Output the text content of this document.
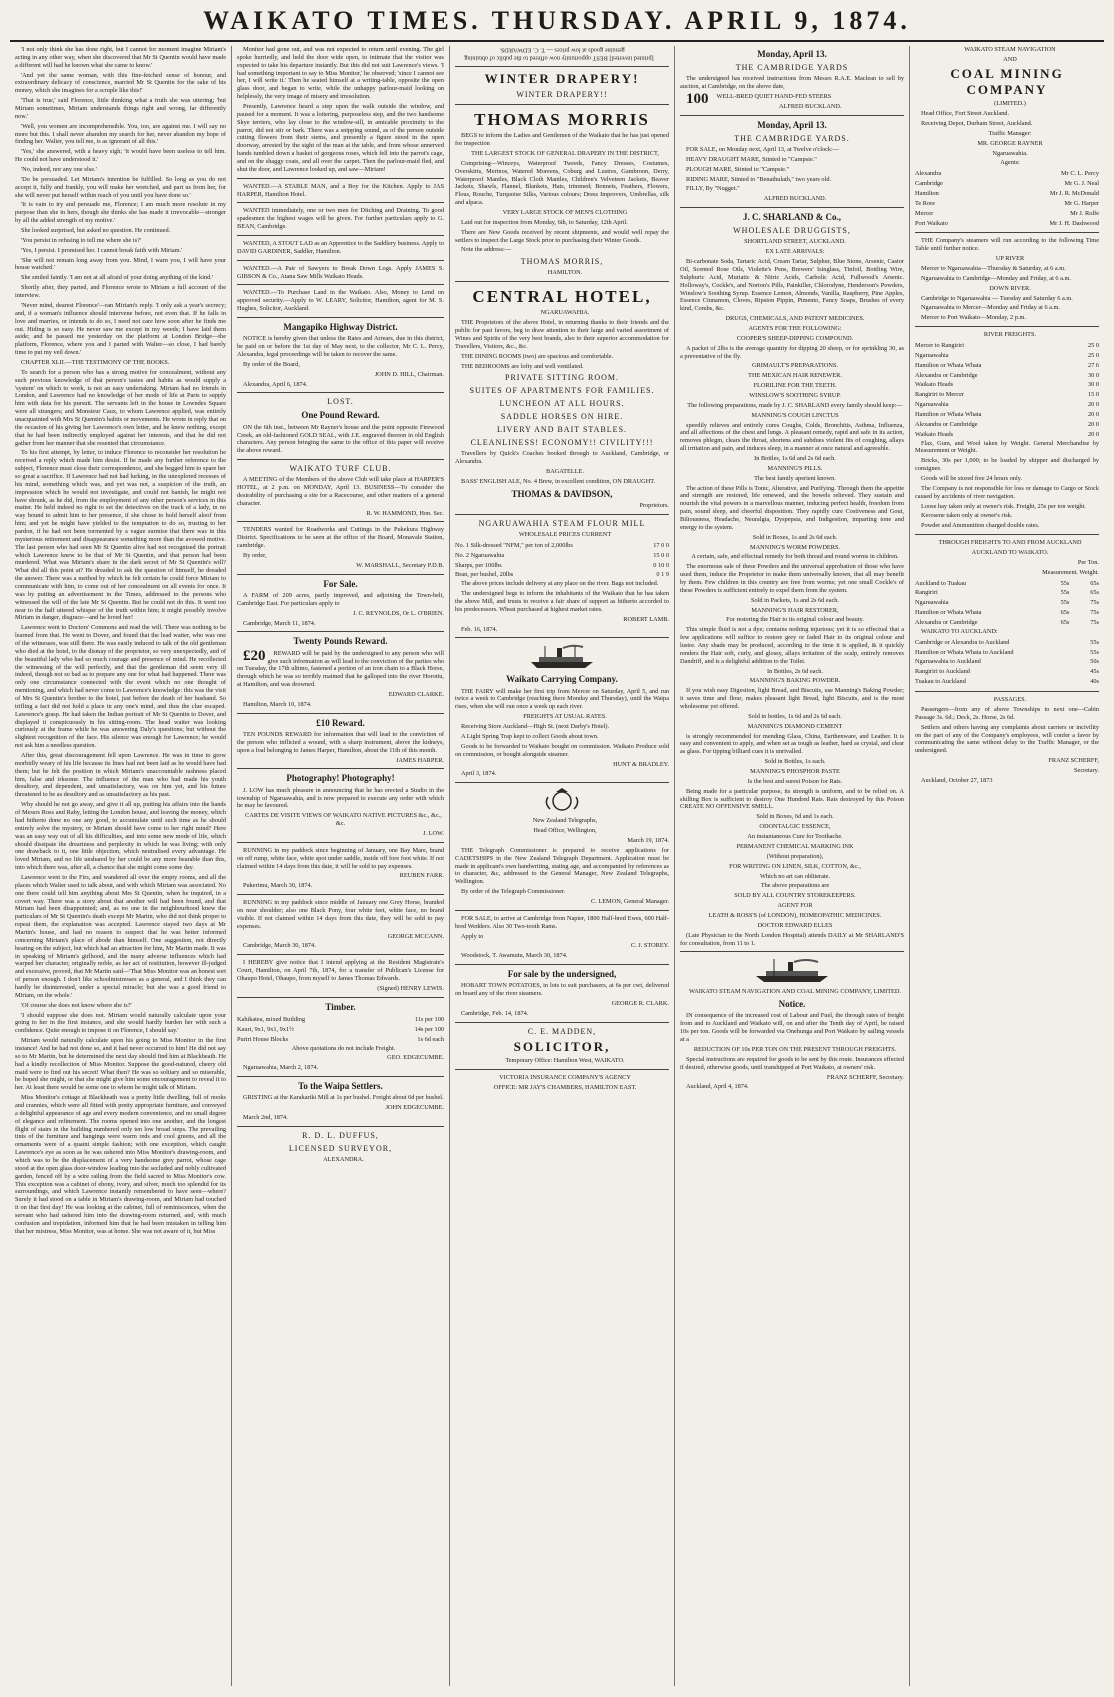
WAIKATO TIMES. THURSDAY. APRIL 9, 1874.

'I not only think she has done right, but I cannot for moment imagine Miriam's acting in any other way, when she discovered that Mr St Quentin would have made a different will had he known what she came to know.'

'And yet the same woman, with this fine-fetched sense of honour, and extraordinary delicacy of conscience, married Mr St Quentin for the sake of his money, which she imagines for a scruple like this!'

'That is true,' said Florence, little thinking what a truth she was uttering; 'but Miriam sometimes, Miriam understands things right and wrong, far differently now.'

'Well, you women are incomprehensible. You, too, are against me. I will say no more but this. I shall never abandon my search for her, never abandon my hope of finding her. Walter, you tell me, is as ignorant of all this.'

'Yes,' she answered, with a heavy sigh; 'it would have been useless to tell him. He could not have understood it.'

'No, indeed, nor any one else.'

'Do be persuaded. Let Miriam's intention be fulfilled. So long as you do not accept it, fully and frankly, you will make her wretched, and part us from her, for she will never put herself within reach of you until you have done so.'

'It is vain to try and persuade me, Florence; I am much more resolute in my purpose than she in hers, though she thinks she has made it irrevocable—stronger by all the added strength of my motive.'

She looked surprised, but asked no question. He continued.

'You persist in refusing to tell me where she is?'

'Yes, I persist. I promised her. I cannot break faith with Miriam.'

'She will not remain long away from you. Mind, I warn you, I will have your house watched.'

She smiled faintly. 'I am not at all afraid of your doing anything of the kind.'

Shortly after, they parted, and Florence wrote to Miriam a full account of the interview.

'Never mind, dearest Florence'—ran Miriam's reply. 'I only ask a year's secrecy; and, if a woman's influence should intervene before, not even that. If he falls in love and marries, or intends to do so, I need not care how soon after he finds me out. Hiding is so easy. He never saw me except in my weeds; I have laid them aside; and he passed me yesterday on the platform at London Bridge—the platform, Florence, where you and I parted with Walter—so close, I had barely time to put my veil down.'

CHAPTER XLII.—THE TESTIMONY OF THE BOOKS.

To search for a person who has a strong motive for concealment, without any such previous knowledge of that person's tastes and habits as would supply a 'system' on which to work, is not an easy undertaking. Miriam had no friends in London, and Lawrence had no knowledge of her mode of life at Paris to supply him with data for his pursuit. The servants left in the house in Lowndes Square were all strangers; and Monsieur Caux, to whom Lawrence applied, was entirely unacquainted with Mrs St Quentin's habits or movements. He wrote in reply that on the occasion of his giving her Lawrence's own letter, and he knew nothing, except that he had been indirectly employed against her interests, and that he did not gather from her manner that she resented that circumstance.

To his first attempt, by letter, to induce Florence to reconsider her resolution he received a reply which made him desist. If he made any further reference to the subject, Florence must close their correspondence, and she begged him to spare her so great a sacrifice. If Lawrence had not had lurking, in the unexplored recesses of his mind, something which was, and yet was not, a suspicion of the truth, an impression which he would not investigate, and could not banish, he might not have shrunk, as he did, from the employment of any other person's services in this matter. He held indeed no right to set the detectives on the track of a lady, in no way bound to admit him to her presence, if she chose to hold herself aloof from him; and yet he might have yielded to the temptation to do so, trusting to her pardon, if he had not been tormented by a vague surmise that there was in this mysterious retirement and disappearance something more than the avowed motive. The last person who had seen Mr St Quentin alive had not recognised the portrait which Lawrence knew to be that of Mr St Quentin, and that person had been murdered. What was Miriam's share in the dark secret of Mr St Quentin's will? What did all this point at? He dreaded to ask the question of himself, he dreaded the answer. There was a method by which he felt certain he could force Miriam to communicate with him, to come out of her concealment on all events for once. It was by putting an advertisement in the Times, addressed to the persons who witnessed the will of the late Mr St Quentin. But he could not do this. It went too near to the half uttered whisper of the truth within him; it might possibly involve Miriam in danger, disgrace—and he loved her!

Lawrence went to Doctors' Commons and read the will. There was nothing to be learned from that. He went to Dover, and found that the lead waiter, who was one of the witnesses, was still there. He was easily induced to talk of the old gentleman who died at the hotel, to the dismay of the proprietor, so very unexpectedly, and of the beautiful lady who had so much courage and presence of mind. He recollected the witnessing of the will perfectly, and that the gentleman did seem very ill indeed, though not so bad as to prepare any one for what had happened. There was only one circumstance connected with the event which no one thought of mentioning, and which had never come to Lawrence's knowledge: this was the visit of Mrs St Quentin's brother to the hotel, just before the death of her husband. So trifling a fact did not hold a place in any one's mind, and thus the clue escaped. Lawrence's grasp. He had taken the Indian portrait of Mr St Quentin to Dover, and displayed it conspicuously in his sitting-room. The head waiter was looking curiously at the frame while he was answering Daly's questions; but without the slightest recognition of the face. His silence was enough for Lawrence; he would not ask him a needless question.

After this, great discouragement fell upon Lawrence. He was in time to grow morbidly weary of his life because its lines had not been laid as he would have had them; but he felt the position in which Miriam's unaccountable rashness placed him, false and irksome. The influence of the man who had made his youth desultory, and dependent, and unsatisfactory, was on him yet, and his future threatened to be as desultory and as unsatisfactory as his past.

Why should he not go away, and give it all up, putting his affairs into the hands of Messrs Ross and Raby, letting the London house, and leaving the money, which had hitherto done no one any good, to accumulate until such time as he should entirely solve the mystery, or Miriam should have come to her right mind? Here was an easy way out of all his difficulties, and into some new mode of life, which should dissipate the dreariness and perplexity in which he was living; with only one drawback to it, one little objection, which neutralised every advantage. He loved Miriam, and no life unshared by her could be any more bearable than this, into which there was, after all, a chance that she might come some day.

Lawrence went to the Firs, and wandered all over the empty rooms, and all the places which Walter used to talk about, and with which Miriam was associated. No one there could tell him anything about Mrs St Quentin, when he inquired, in a covert way. There was a story about that another will had been found, and that Miriam had been disappointed; and, as no one in the neighbourhood knew the particulars of Mr St Quentin's death except Mr Martin, who did not think proper to repeat them, the explanation was accepted. Lawrence stayed two days at Mr Martin's house, and had no reason to suspect that he was better informed concerning Miriam's place of abode than himself. One suggestion, not directly bearing on the subject, but which had an attraction for him, Mr Martin made. It was in speaking of Miriam's girlhood, and the many adverse influences which had warped her character, originally noble, as her act of restitution, however ill-judged and excessive, proved, that Mr Martin said—'That Miss Monitor was an honest sort of person enough. I don't like schoolmistresses as a general, and I think they can hardly be disinterested, under a special miracle; but she was a good friend to Miriam, on the whole.'

'Of course she does not know where she is?'

'I should suppose she does not. Miriam would naturally calculate upon your going to her in the first instance, and she would hardly burden her with such a confidence. Quite enough to impose it on Florence, I should say.'

Miriam would naturally calculate upon his going to Miss Monitor in the first instance! And he had not done so, and it had never occurred to him! He did not say so to Mr Martin, but he determined the next day should find him at Blackheath. He had a kindly recollection of Miss Monitor. Suppose the good-natured, cheery old maid were to find out his secret! What then? He was so solitary and so miserable, he hoped she might, or that she might give him some encouragement to reveal it to her. At least there would be some one to whom he might talk of Miriam.

Miss Monitor's cottage at Blackheath was a pretty little dwelling, full of nooks and crannies, which were all fitted with pretty appropriate furniture, and conveyed a delightful appearance of age and every modern convenience, and no small degree of elegance and refinement. The rooms opened into one another, and the longest flight of stairs in the building numbered only ten low broad steps. The prevailing tints of the furniture and hangings were warm reds and cool greens, and all the ornaments were of a quaint simple fashion; with one exception, which caught Lawrence's eye as soon as he was ushered into Miss Monitor's drawing-room, and which was to be the displacement of a very handsome grey parrot, whose cage stood at the open glass door-window leading into the secluded and nobly cultivated garden, fenced off by a wire railing from the field sacred to Miss Monitor's cow. This exception was a cabinet of ebony, ivory, and silver, much too splendid for its surroundings, and which Lawrence instantly remembered to have seen—where? Surely it had stood on a table in Miriam's drawing-room, and Miriam had touched it on that first day! He was looking at the cabinet, full of reminiscences, when the servant who had ushered him into the drawing-room returned, and, with much confusion and trepidation, informed him that he had been mistaken in telling him that her mistress, Miss Monitor, was at home. She was not aware of it, but Miss

Monitor had gone out, and was not expected to return until evening. The girl spoke hurriedly, and held the door wide open, to intimate that the visitor was expected to take his departure instantly. But this did not suit Lawrence's views. 'I had something important to say to Miss Monitor,' he observed; 'since I cannot see her, I will write it.' Then he seated himself at a writing-table, opposite the open glass door, and began to write, while the unhappy parlour-maid looking on helplessly, the very image of misery and irresolution.

Presently, Lawrence heard a step upon the walk outside the window, and paused for a moment. It was a loitering, purposeless step, and the two handsome Skye terriers, who lay close to the window-sill, in amicable proximity to the parrot, did not stir or bark. There was a snipping sound, as of the person outside cutting flowers from their stems, and presently a figure stood in the open doorway, arrested by the sight of the man at the table, and from whose unnerved hands tumbled down a basket of gorgeous roses, which fell into the parrot's cage, and on the shaggy coats, and all over the carpet. Then the parlour-maid fled, and shut the door, and Lawrence looked up, and saw—Miriam!

WANTED.—A STABLE MAN, and a Boy for the Kitchen. Apply to JAS HARPER, Hamilton Hotel.

WANTED immediately, one or two men for Ditching and Draining. To good spadesmen the highest wages will be given. For further particulars apply to G. BEAN, Cambridge.

WANTED, A STOUT LAD as an Apprentice to the Saddlery business. Apply to DAVID GARDINER, Saddler, Hamilton.

WANTED.—A Pair of Sawyers to Break Down Logs. Apply JAMES S. GIBSON & Co., Atana Saw Mills Waikato Heads.

WANTED.—To Purchase Land in the Waikato. Also, Money to Lend on approved security.—Apply to W. LEARY, Solicitor, Hamilton, agent for M. S. Hughes, Solicitor, Auckland.

Mangapiko Highway District.

NOTICE is hereby given that unless the Rates and Arrears, due in this district, be paid on or before the 1st day of May next, to the collector, Mr C. L. Percy, Alexandra, legal proceedings will be taken to recover the same.

By order of the Board,

JOHN D. HILL, Chairman.

Alexandra, April 6, 1874.

LOST.
One Pound Reward.

ON the 6th inst., between Mr Rayner's house and the point opposite Firewood Creek, an old-fashioned GOLD SEAL, with J.E. engraved thereon in old English characters. Any person bringing the same to the office of this paper will receive the above reward.

WAIKATO TURF CLUB.

A MEETING of the Members of the above Club will take place at HARPER'S HOTEL, at 2 p.m. on MONDAY, April 13. BUSINESS—To consider the desirability of purchasing a site for a Racecourse, and other matters of a general character.

R. W. HAMMOND, Hon. Sec.

TENDERS wanted for Roadworks and Cuttings in the Pukekura Highway District. Specifications to be seen at the office of the Board, Monavale Station, cambridge.

By order,

W. MARSHALL, Secretary P.D.B.

For Sale.

A FARM of 209 acres, partly improved, and adjoining the Town-belt, Cambridge East. For particulars apply to

J. C. REYNOLDS, Or L. O'BRIEN.

Cambridge, March 11, 1874.

Twenty Pounds Reward.

£20 REWARD will be paid by the undersigned to any person who will give such information as will lead to the conviction of the parties who on Tuesday, the 17th ultimo, fastened a portion of an iron chain to a Black Horse, through which he was so terribly maimed that he galloped into the river Horotiu, at Hamilton, and was drowned.

EDWARD CLARKE.

Hamilton, March 10, 1874.

£10 Reward.

TEN POUNDS REWARD for information that will lead to the conviction of the person who inflicted a wound, with a sharp instrument, above the kidneys, upon a foal belonging to James Harper, Hamilton, about the 11th of this month.

JAMES HARPER.

Photography! Photography!

J. LOW has much pleasure in announcing that he has erected a Studio in the township of Ngaruawahia, and is now prepared to execute any order with which he may be favoured.

CARTES DE VISITE VIEWS OF WAIKATO NATIVE PICTURES &c., &c., &c.

J. LOW.

RUNNING in my paddock since beginning of January, one Bay Mare, brand on off rump, white face, white spot under saddle, inside off fore foot white. If not claimed within 14 days from this date, it will be sold to pay expenses.

REUBEN FARR.

Pukerimu, March 30, 1874.

RUNNING in my paddock since middle of January one Grey Horse, branded on near shoulder; also one Black Pony, four white feet, white face, no brand visible. If not claimed within 14 days from this date, they will be sold to pay expenses.

GEORGE MCCANN.

Cambridge, March 30, 1874.

I HEREBY give notice that I intend applying at the Resident Magistrate's Court, Hamilton, on April 7th, 1874, for a transfer of Publican's License for Ohaupo Hotel, Ohaupo, from myself to James Thomas Edwards.

(Signed) HENRY LEWIS.

Timber.
Kahikatea, mixed Building	11s per 100
Kauri, 9x1, 9x1, 9x1½	14s per 100
Puriri House Blocks	1s 6d each

Above quotations do not include Freight.

GEO. EDGECUMBE.

Ngaruawahia, March 2, 1874.

To the Waipa Settlers.

GRISTING at the Karakariki Mill at 1s per bushel. Freight about 6d per bushel.

JOHN EDGECUMBE.

March 2nd, 1874.

R. D. L. DUFFUS,
LICENSED SURVEYOR,

ALEXANDRA.

[printed inverted] BEST opportunity now offered to the public of obtaining genuine goods at low prices — T. C. EDWARDS.

WINTER DRAPERY!
WINTER DRAPERY!!
THOMAS MORRIS

BEGS to inform the Ladies and Gentlemen of the Waikato that he has just opened for inspection

THE LARGEST STOCK OF GENERAL DRAPERY IN THE DISTRICT,

Comprising—Winceys, Waterproof Tweeds, Fancy Dresses, Costumes, Overskirts, Merinos, Watered Moreens, Coburg and Lustres, Gambroon, Derry, Waterproof Mantles, Black Cloth Mantles, Children's Velveteen Jackets, Beaver Jackets, Shawls, Flannel, Blankets, Hats, trimmed; Bonnets, Feathers, Flowers, Flous, Rouche, Turquoise Silks, Various colours; Dress Improvers, Umbrellas, silk and alpaca.

VERY LARGE STOCK OF MEN'S CLOTHING

Laid out for inspection from Monday, 6th, to Saturday, 12th April.

There are New Goods received by recent shipments, and would well repay the settlers to inspect the Large Stock prior to purchasing their Winter Goods.

Note the address:—

THOMAS MORRIS,

HAMILTON.

CENTRAL HOTEL,

NGARUAWAHIA.

THE Proprietors of the above Hotel, in returning thanks to their friends and the public for past favors, beg to draw attention to their large and varied assortment of Wines and Spirits of the very best brands, also to their superior accommodation for Travellers, Visitors, &c., &c.

THE DINING ROOMS (two) are spacious and comfortable.

THE BEDROOMS are lofty and well ventilated.

PRIVATE SITTING ROOM.
SUITES OF APARTMENTS FOR FAMILIES.
LUNCHEON AT ALL HOURS.
SADDLE HORSES ON HIRE.
LIVERY AND BAIT STABLES.
CLEANLINESS! ECONOMY!! CIVILITY!!!

Travellers by Quick's Coaches booked through to Auckland, Cambridge, or Alexandra.

BAGATELLE.

BASS' ENGLISH ALE, No. 4 Brew, in excellent condition, ON DRAUGHT.

THOMAS & DAVIDSON,

Proprietors.

NGARUAWAHIA STEAM FLOUR MILL

WHOLESALE PRICES CURRENT

No. 1 Silk-dressed "NFM," per ton of 2,000lbs	17 0 0
No. 2 Ngaruawahia	15 0 0
Sharps, per 100lbs	0 10 0
Bran, per bushel, 20lbs	0 1 9

The above prices include delivery at any place on the river. Bags not included.

The undersigned begs to inform the inhabitants of the Waikato that he has taken the above Mill, and trusts to receive a fair share of support as hitherto accorded to his predecessors. Wheat purchased at highest market rates.

ROBERT LAMB.

Feb. 16, 1874.

Waikato Carrying Company.

THE FAIRY will make her first trip from Mercer on Saturday, April 5, and run twice a week to Cambridge (reaching there Monday and Thursday), until the Waipa rises, when she will run once a week up each river.

FREIGHTS AT USUAL RATES.

Receiving Store Auckland—High St. (next Darby's Hotel).

A Light Spring Trap kept to collect Goods about town.

Goods to be forwarded to Waikato bought on commission. Waikato Produce sold on commission, or bought alongside steamer.

HUNT & BRADLEY.

April 3, 1874.

New Zealand Telegraphs,

Head Office, Wellington,

March 19, 1874.

THE Telegraph Commissioner is prepared to receive applications for CADETSHIPS in the New Zealand Telegraph Department. Application must be made in applicant's own handwriting, stating age, and accompanied by references as to character, &c, addressed to the General Manager, New Zealand Telegraphs, Wellington.

By order of the Telegraph Commissioner.

C. LEMON, General Manager.

FOR SALE, to arrive at Cambridge from Napier, 1800 Half-bred Ewes, 600 Half-bred Wedders. Also 30 Two-tooth Rams.

Apply to

C. J. STOREY.

Woodstock, T. Awamutu, March 30, 1874.

For sale by the undersigned,

HOBART TOWN POTATOES, in lots to suit purchasers, at 6s per cwt, delivered on board any of the river steamers.

GEORGE R. CLARK.

Cambridge, Feb. 14, 1874.

C. E. MADDEN,
SOLICITOR,

Temporary Office: Hamilton West, WAIKATO.

VICTORIA INSURANCE COMPANY'S AGENCY

OFFICE: MR JAY'S CHAMBERS, HAMILTON EAST.

Monday, April 13.
THE CAMBRIDGE YARDS

The undersigned has received instructions from Messrs R.A.E. Maclean to sell by auction, at Cambridge, on the above date,

100 WELL-BRED QUIET HAND-FED STEERS

ALFRED BUCKLAND.

Monday, April 13.
THE CAMBRIDGE YARDS.

FOR SALE, on Monday next, April 13, at Twelve o'clock:—

HEAVY DRAUGHT MARE, Stinted to "Campsie."

PLOUGH MARE, Stinted to "Campsie."

RIDING MARE, Stinted to "Benathulath," two years old.

FILLY, By "Nugget."

ALFRED BUCKLAND.

J. C. SHARLAND & Co.,
WHOLESALE DRUGGISTS,

SHORTLAND STREET, AUCKLAND.

EX LATE ARRIVALS:

Bi-carbonate Soda, Tartaric Acid, Cream Tartar, Sulphur, Blue Stone, Arsenic, Castor Oil, Scented Rose Oils, Violette's Pens, Brewers' Isinglass, Tinfoil, Bottling Wire, Sulphuric Acid, Muriatic & Nitric Acids, Carbolic Acid, Fullwood's Arsenic. Holloway's, Cockle's, and Norton's Pills, Painkiller, Chlorodyne, Henderson's Powders, Winslow's Soothing Syrup. Essence Lemon, Almonds, Vanilla, Raspberry, Pine Apples, Essence Cinnamon, Cloves, Ripston Pippin, Pimento, Fancy Soaps, Brushes of every kind, Combs, &c.

DRUGS, CHEMICALS, AND PATENT MEDICINES.

AGENTS FOR THE FOLLOWING:

COOPER'S SHEEP-DIPPING COMPOUND.

A packet of 2lbs is the average quantity for dipping 20 sheep, or for sprinkling 30, as a preventative of the fly.

GRIMAULT'S PREPARATIONS.

THE MEXICAN HAIR RENEWER.

FLORILINE FOR THE TEETH.

WINSLOW'S SOOTHING SYRUP.

The following preparations, made by J. C. SHARLAND every family should keep:—

MANNING'S COUGH LINCTUS

speedily relieves and entirely cures Coughs, Colds, Bronchitis, Asthma, Influenza, and all affections of the chest and lungs. A pleasant remedy, rapid and safe in its action, removes phlegm, clears the throat, shortens and subdues violent fits of coughing, allays all irritation and pain, and induces sleep, in a manner at once natural and agreeable.

In Bottles, 1s 6d and 2s 6d each.

MANNING'S PILLS.

The best family aperient known.

The action of these Pills is Tonic, Alterative, and Purifying. Through them the appetite and strength are restored, life renewed, and the bowels relieved. They sustain and nourish the vital powers in a marvellous manner, inducing perfect health, freedom from pain, sound sleep, and cheerful disposition. They rapidly cure Costiveness and Gout, Biliousness, Headache, Neuralgia, Dyspepsia, and Indigestion, imparting tone and energy to the system.

Sold in Boxes, 1s and 2s 6d each.

MANNING'S WORM POWDERS.

A certain, safe, and effectual remedy for both thread and round worms in children.

The enormous sale of these Powders and the universal approbation of those who have used them, induce the Proprietor to make them universally known, that all may benefit by them. Few children in this country are free from worms; yet one small Cockle's of these Powders is sufficient entirely to expel them from the system.

Sold in Packets, 1s and 2s 6d each.

MANNING'S HAIR RESTORER,

For restoring the Hair to its original colour and beauty.

This simple fluid is not a dye; contains nothing injurious; yet it is so effectual that a few applications will suffice to restore grey or faded Hair to its original colour and lustre. Any shade may be produced, according to the time it is applied, & it quickly renders the Hair soft, curly, and glossy, allays irritation of the scalp, entirely removes Dandriff, and is a delightful addition to the Toilet.

In Bottles, 2s 6d each.

MANNING'S BAKING POWDER.

If you wish easy Digestion, light Bread, and Biscuits, use Manning's Baking Powder; it saves time and flour, makes pleasant light Bread, light Biscuits, and is the most wholesome yet offered.

Sold in bottles, 1s 6d and 2s 6d each.

MANNING'S DIAMOND CEMENT

is strongly recommended for mending Glass, China, Earthenware, and Leather. It is easy and convenient to apply, and when set as tough as leather, hard as crystal, and clear as glass. For tipping billiard cues it is unrivalled.

Sold in Bottles, 1s each.

MANNING'S PHOSPHOR PASTE

Is the best and surest Poison for Rats.

Being made for a particular purpose, its strength is uniform, and to be relied on. A shilling Box is sufficient to destroy One Hundred Rats. Rats destroyed by this Poison CREATE NO OFFENSIVE SMELL.

Sold in Boxes, 6d and 1s each.

ODONTALGIC ESSENCE,

An instantaneous Cure for Toothache.

PERMANENT CHEMICAL MARKING INK

(Without preparation),

FOR WRITING ON LINEN, SILK, COTTON, &c.,

Which no art can obliterate.

The above preparations are

SOLD BY ALL COUNTRY STOREKEEPERS.

AGENT FOR

LEATH & ROSS'S (of LONDON), HOMEOPATHIC MEDICINES.

DOCTOR EDWARD ELLES

(Late Physician to the North London Hospital) attends DAILY at Mr SHARLAND'S for consultation, from 11 to 1.

WAIKATO STEAM NAVIGATION AND COAL MINING COMPANY, LIMITED.

Notice.

IN consequence of the increased cost of Labour and Fuel, the through rates of freight from and to Auckland and Waikato will, on and after the Tenth day of April, be raised 10s per ton. Goods will be forwarded via Onehunga and Port Waikato by sailing vessels at a

REDUCTION OF 10s PER TON ON THE PRESENT THROUGH FREIGHTS.

Special instructions are required for goods to be sent by this route. Insurances effected if desired, otherwise goods, until transhipped at Port Waikato, at owners' risk.

FRANZ SCHERFF, Secretary.

Auckland, April 4, 1874.

WAIKATO STEAM NAVIGATION

AND

COAL MINING COMPANY

(LIMITED.)

Head Office, Fort Street Auckland.

Receiving Depot, Durham Street, Auckland.

Traffic Manager:

MR. GEORGE RAYNER

Ngaruawahia.

Agents:

Alexandra	Mr C. L. Percy
Cambridge	Mr G. J. Neal
Hamilton	Mr J. R. McDonald
Te Rore	Mr G. Harper
Mercer	Mr J. Rolfe
Port Waikato	Mr J. H. Dashwood

THE Company's steamers will run according to the following Time Table until further notice.

UP RIVER

Mercer to Ngaruawahia—Thursday & Saturday, at 6 a.m.

Ngaruawahia to Cambridge—Monday and Friday, at 6 a.m.

DOWN RIVER.

Cambridge to Ngaruawahia — Tuesday and Saturday 6 a.m.

Ngaruawahia to Mercer—Monday and Friday at 6 a.m.

Mercer to Port Waikato—Monday, 2 p.m.

RIVER FREIGHTS.

Mercer to Rangiriri	25 0
Ngaruawahia	25 0
Hamilton or Whata Whata	27 6
Alexandra or Cambridge	30 0
Waikato Heads	30 0
Rangiriri to Mercer	15 0
Ngaruawahia	20 0
Hamilton or Whata Whata	20 0
Alexandra or Cambridge	20 0
Waikato Heads	20 0

Flax, Gum, and Wool taken by Weight. General Merchandise by Measurement or Weight.

Bricks, 30s per 1,000; to be loaded by shipper and discharged by consignee.

Goods will be stored free 24 hours only.

The Company is not responsible for loss or damage to Cargo or Stock caused by accidents of river navigation.

Loose hay taken only at owner's risk. Freight, 25s per ton weight.

Kerosene taken only at owner's risk.

Powder and Ammunition charged double rates.

THROUGH FREIGHTS TO AND FROM AUCKLAND

AUCKLAND TO WAIKATO.

Per Ton.

Measurement. Weight.

Auckland to Tuakau	55s	65s
Rangiriri	55s	65s
Ngaruawahia	55s	75s
Hamilton or Whata Whata	65s	75s
Alexandra or Cambridge	65s	75s

WAIKATO TO AUCKLAND:

Cambridge or Alexandra to Auckland	55s
Hamilton or Whata Whata to Auckland	55s
Ngaruawahia to Auckland	50s
Rangiriri to Auckland	45s
Tuakau to Auckland	40s

PASSAGES.

Passengers—from any of above Townships to next one—Cabin Passage 3s. 6d.; Deck, 2s. Horse, 2s 6d.

Settlers and others having any complaints about carriers or incivility on the part of any of the Company's employees, will confer a favor by communicating the same without delay to the Traffic Manager, or the undersigned.

FRANZ SCHERFF,

Secretary.

Auckland, October 27, 1873
